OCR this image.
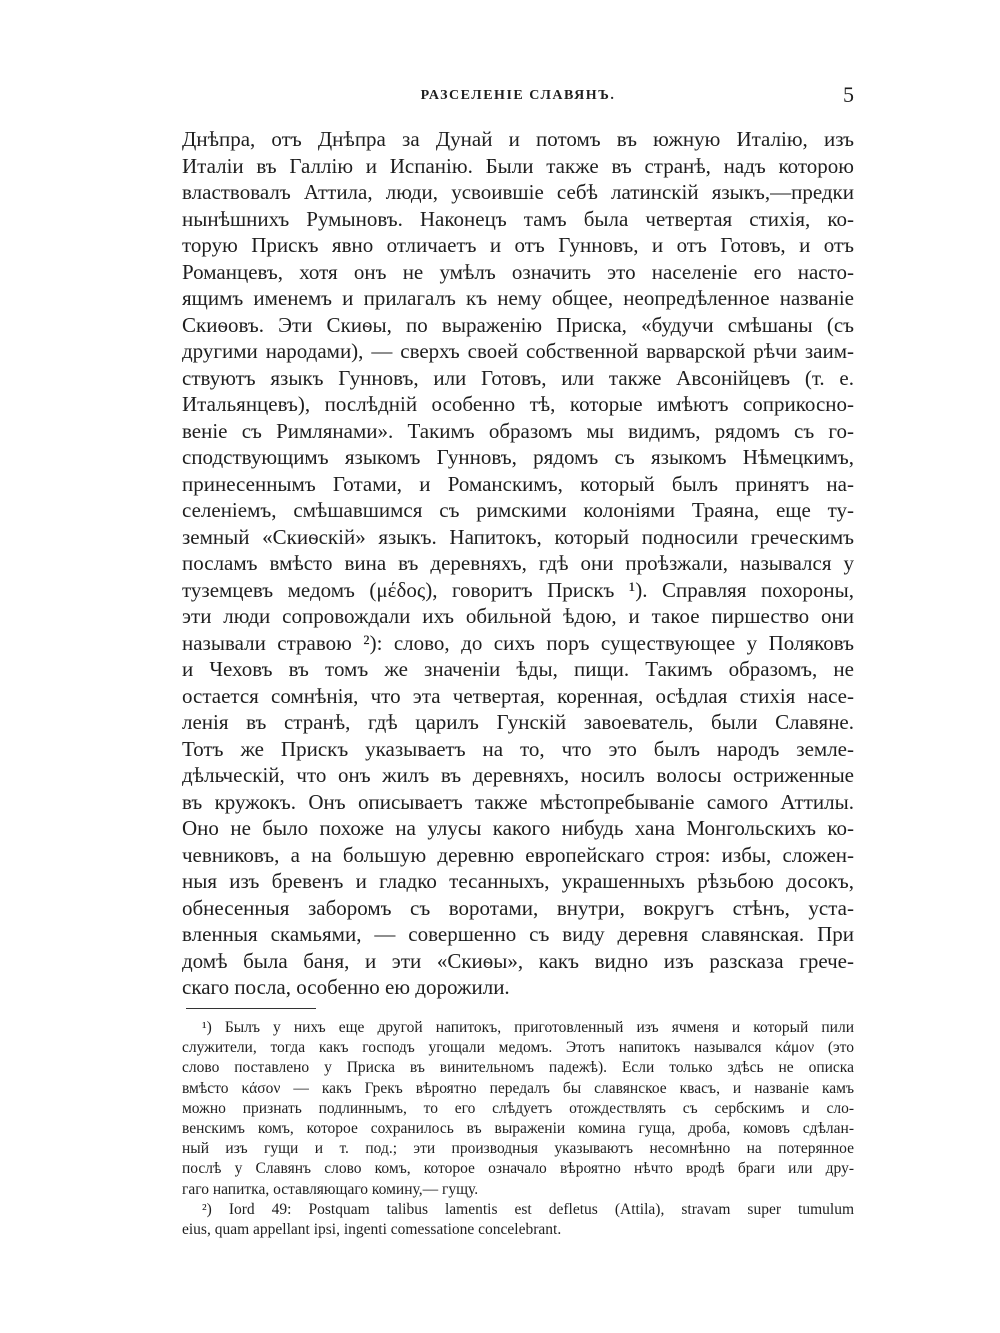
РАЗСЕЛЕНІЕ СЛАВЯНЪ.	5
Днѣпра, отъ Днѣпра за Дунай и потомъ въ южную Италію, изъ
Италіи въ Галлію и Испанію. Были также въ странѣ, надъ которою
властвовалъ Аттила, люди, усвоившіе себѣ латинскій языкъ,—предки
нынѣшнихъ Румыновъ. Наконецъ тамъ была четвертая стихія, ко-
торую Прискъ явно отличаетъ и отъ Гунновъ, и отъ Готовъ, и отъ
Романцевъ, хотя онъ не умѣлъ означить это населеніе его насто-
ящимъ именемъ и прилагалъ къ нему общее, неопредѣленное названіе
Скиѳовъ. Эти Скиѳы, по выраженію Приска, «будучи смѣшаны (съ
другими народами), — сверхъ своей собственной варварской рѣчи заим-
ствуютъ языкъ Гунновъ, или Готовъ, или также Авсонійцевъ (т. е.
Итальянцевъ), послѣдній особенно тѣ, которые имѣютъ соприкосно-
веніе съ Римлянами». Такимъ образомъ мы видимъ, рядомъ съ го-
сподствующимъ языкомъ Гунновъ, рядомъ съ языкомъ Нѣмецкимъ,
принесеннымъ Готами, и Романскимъ, который былъ принятъ на-
селеніемъ, смѣшавшимся съ римскими колоніями Траяна, еще ту-
земный «Скиѳскій» языкъ. Напитокъ, который подносили греческимъ
посламъ вмѣсто вина въ деревняхъ, гдѣ они проѣзжали, назывался у
туземцевъ медомъ (μέδος), говоритъ Прискъ ¹). Справляя похороны,
эти люди сопровождали ихъ обильной ѣдою, и такое пиршество они
называли стравою ²): слово, до сихъ поръ существующее у Поляковъ
и Чеховъ въ томъ же значеніи ѣды, пищи. Такимъ образомъ, не
остается сомнѣнія, что эта четвертая, коренная, осѣдлая стихія насе-
ленія въ странѣ, гдѣ царилъ Гунскій завоеватель, были Славяне.
Тотъ же Прискъ указываетъ на то, что это былъ народъ земле-
дѣльческій, что онъ жилъ въ деревняхъ, носилъ волосы остриженные
въ кружокъ. Онъ описываетъ также мѣстопребываніе самого Аттилы.
Оно не было похоже на улусы какого нибудь хана Монгольскихъ ко-
чевниковъ, а на большую деревню европейскаго строя: избы, сложен-
ныя изъ бревенъ и гладко тесанныхъ, украшенныхъ рѣзьбою досокъ,
обнесенныя заборомъ съ воротами, внутри, вокругъ стѣнъ, уста-
вленныя скамьями, — совершенно съ виду деревня славянская. При
домѣ была баня, и эти «Скиѳы», какъ видно изъ разсказа грече-
скаго посла, особенно ею дорожили.
¹) Былъ у нихъ еще другой напитокъ, приготовленный изъ ячменя и который пили
служители, тогда какъ господъ угощали медомъ. Этотъ напитокъ назывался κάμον (это
слово поставлено у Приска въ винительномъ падежѣ). Если только здѣсь не описка
вмѣсто κάσον — какъ Грекъ вѣроятно передалъ бы славянское квасъ, и названіе камъ
можно признать подлиннымъ, то его слѣдуетъ отождествлять съ сербскимъ и сло-
венскимъ комъ, которое сохранилось въ выраженіи комина гуща, дроба, комовъ сдѣлан-
ный изъ гущи и т. под.; эти производныя указываютъ несомнѣнно на потерянное
послѣ у Славянъ слово комъ, которое означало вѣроятно нѣчто вродѣ браги или дру-
гаго напитка, оставляющаго комину,— гущу.
²) Iord 49: Postquam talibus lamentis est defletus (Attila), stravam super tumulum
eius, quam appellant ipsi, ingenti comessatione concelebrant.
